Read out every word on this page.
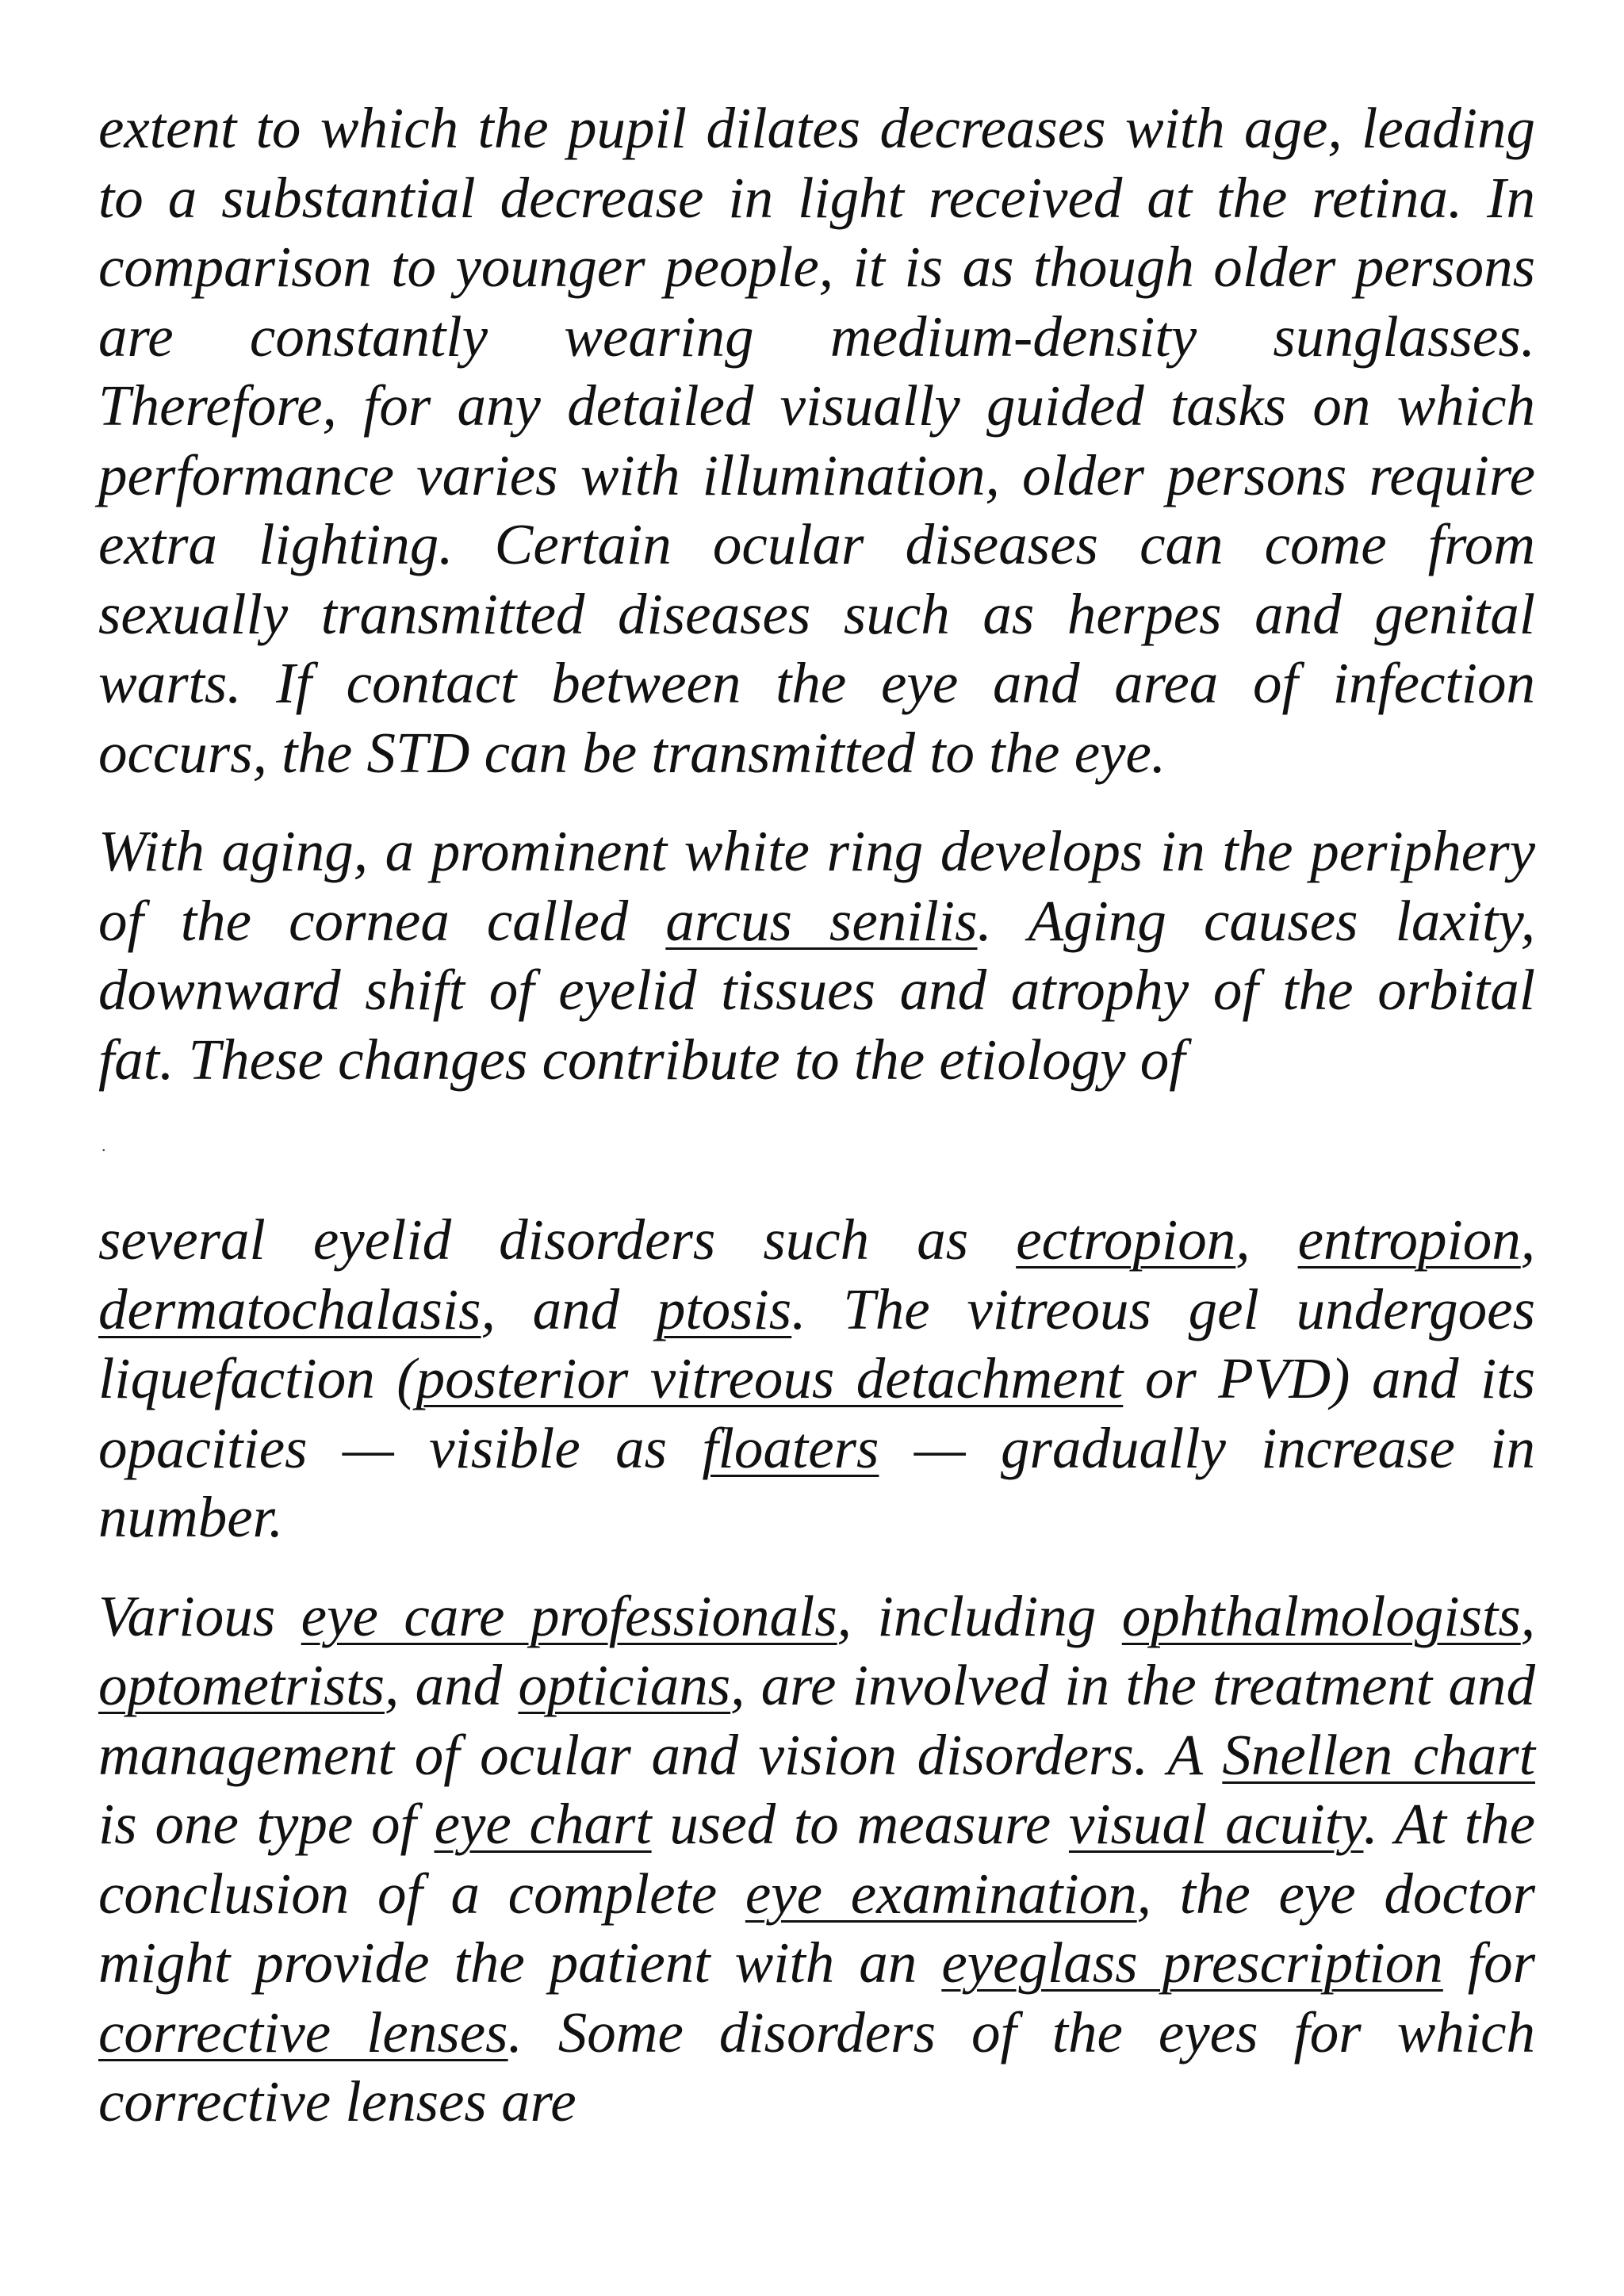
extent to which the pupil dilates decreases with age, leading to a substantial decrease in light received at the retina. In comparison to younger people, it is as though older persons are constantly wearing medium-density sunglasses. Therefore, for any detailed visually guided tasks on which performance varies with illumination, older persons require extra lighting. Certain ocular diseases can come from sexually transmitted diseases such as herpes and genital warts. If contact between the eye and area of infection occurs, the STD can be transmitted to the eye.

With aging, a prominent white ring develops in the periphery of the cornea called arcus senilis. Aging causes laxity, downward shift of eyelid tissues and atrophy of the orbital fat. These changes contribute to the etiology of

.

several eyelid disorders such as ectropion, entropion, dermatochalasis, and ptosis. The vitreous gel undergoes liquefaction (posterior vitreous detachment or PVD) and its opacities — visible as floaters — gradually increase in number.

Various eye care professionals, including ophthalmologists, optometrists, and opticians, are involved in the treatment and management of ocular and vision disorders. A Snellen chart is one type of eye chart used to measure visual acuity. At the conclusion of a complete eye examination, the eye doctor might provide the patient with an eyeglass prescription for corrective lenses. Some disorders of the eyes for which corrective lenses are
